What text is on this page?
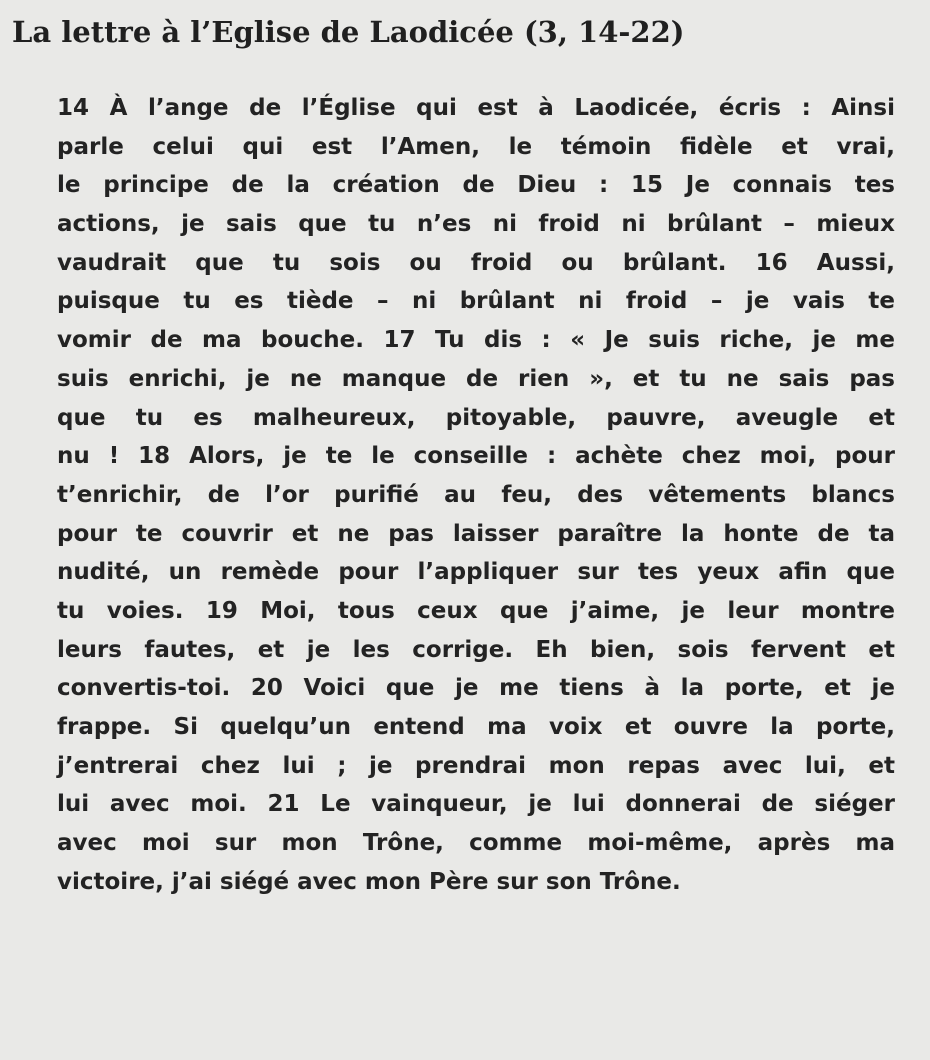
La lettre à l’Eglise de Laodicée (3, 14-22)
14 À l’ange de l’Église qui est à Laodicée, écris : Ainsi
parle celui qui est l’Amen, le témoin fidèle et vrai,
le principe de la création de Dieu : 15 Je connais tes
actions, je sais que tu n’es ni froid ni brûlant – mieux
vaudrait que tu sois ou froid ou brûlant. 16 Aussi,
puisque tu es tiède – ni brûlant ni froid – je vais te
vomir de ma bouche. 17 Tu dis : « Je suis riche, je me
suis enrichi, je ne manque de rien », et tu ne sais pas
que tu es malheureux, pitoyable, pauvre, aveugle et
nu ! 18 Alors, je te le conseille : achète chez moi, pour
t’enrichir, de l’or purifié au feu, des vêtements blancs
pour te couvrir et ne pas laisser paraître la honte de ta
nudité, un remède pour l’appliquer sur tes yeux afin que
tu voies. 19 Moi, tous ceux que j’aime, je leur montre
leurs fautes, et je les corrige. Eh bien, sois fervent et
convertis-toi. 20 Voici que je me tiens à la porte, et je
frappe. Si quelqu’un entend ma voix et ouvre la porte,
j’entrerai chez lui ; je prendrai mon repas avec lui, et
lui avec moi. 21 Le vainqueur, je lui donnerai de siéger
avec moi sur mon Trône, comme moi-même, après ma
victoire, j’ai siégé avec mon Père sur son Trône.
